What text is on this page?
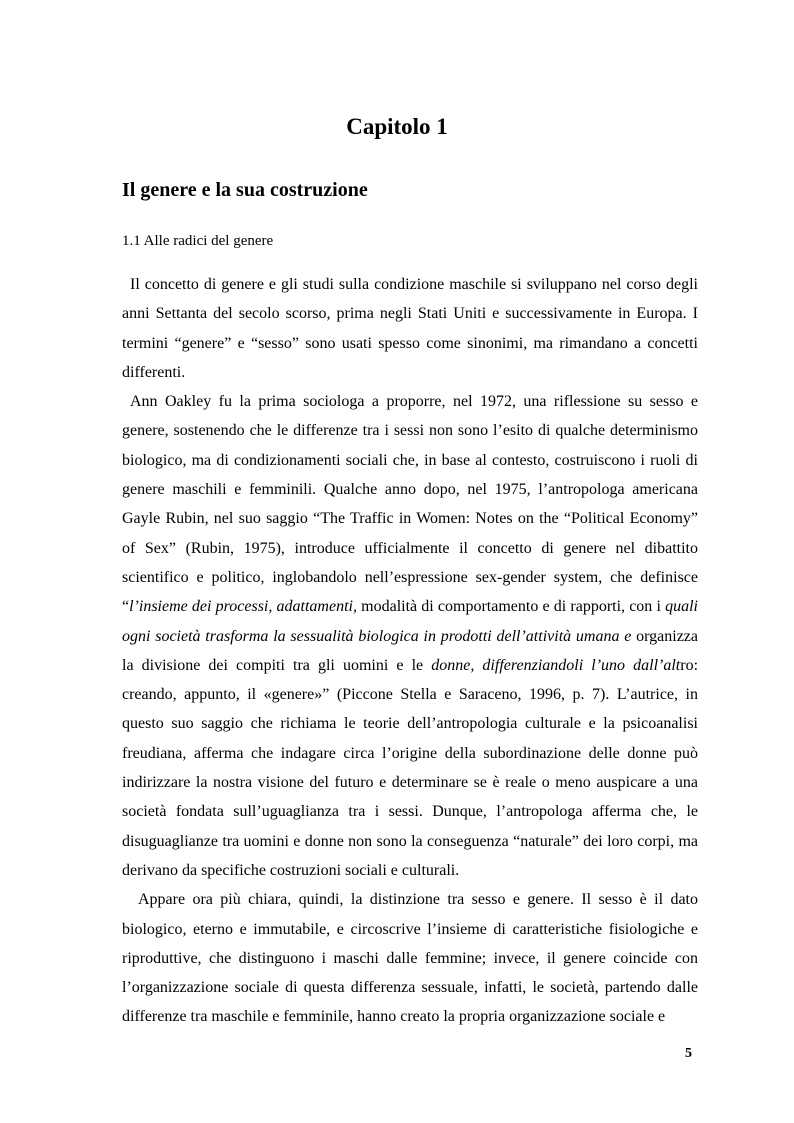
Capitolo 1
Il genere e la sua costruzione
1.1 Alle radici del genere

Il concetto di genere e gli studi sulla condizione maschile si sviluppano nel corso degli anni Settanta del secolo scorso, prima negli Stati Uniti e successivamente in Europa. I termini “genere” e “sesso” sono usati spesso come sinonimi, ma rimandano a concetti differenti.

Ann Oakley fu la prima sociologa a proporre, nel 1972, una riflessione su sesso e genere, sostenendo che le differenze tra i sessi non sono l’esito di qualche determinismo biologico, ma di condizionamenti sociali che, in base al contesto, costruiscono i ruoli di genere maschili e femminili. Qualche anno dopo, nel 1975, l’antropologa americana Gayle Rubin, nel suo saggio “The Traffic in Women: Notes on the “Political Economy” of Sex” (Rubin, 1975), introduce ufficialmente il concetto di genere nel dibattito scientifico e politico, inglobandolo nell’espressione sex-gender system, che definisce “l’insieme dei processi, adattamenti, modalità di comportamento e di rapporti, con i quali ogni società trasforma la sessualità biologica in prodotti dell’attività umana e organizza la divisione dei compiti tra gli uomini e le donne, differenziandoli l’uno dall’altro: creando, appunto, il «genere»” (Piccone Stella e Saraceno, 1996, p. 7). L’autrice, in questo suo saggio che richiama le teorie dell’antropologia culturale e la psicoanalisi freudiana, afferma che indagare circa l’origine della subordinazione delle donne può indirizzare la nostra visione del futuro e determinare se è reale o meno auspicare a una società fondata sull’uguaglianza tra i sessi. Dunque, l’antropologa afferma che, le disuguaglianze tra uomini e donne non sono la conseguenza “naturale” dei loro corpi, ma derivano da specifiche costruzioni sociali e culturali.

Appare ora più chiara, quindi, la distinzione tra sesso e genere. Il sesso è il dato biologico, eterno e immutabile, e circoscrive l’insieme di caratteristiche fisiologiche e riproduttive, che distinguono i maschi dalle femmine; invece, il genere coincide con l’organizzazione sociale di questa differenza sessuale, infatti, le società, partendo dalle differenze tra maschile e femminile, hanno creato la propria organizzazione sociale e

5
